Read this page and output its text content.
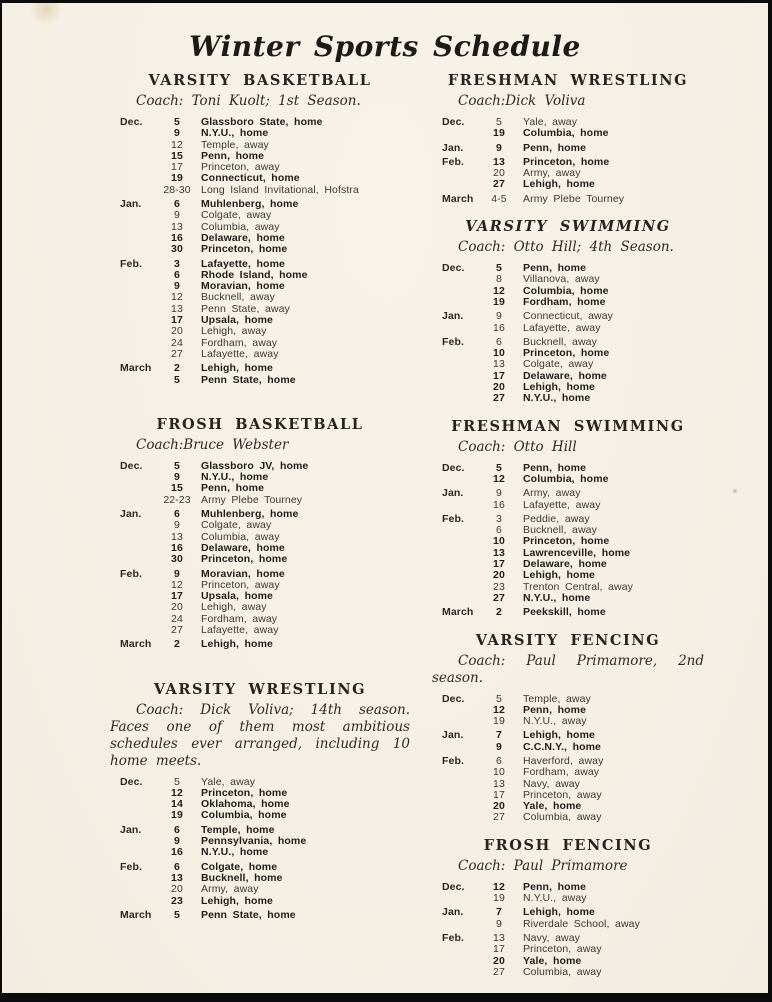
Winter Sports Schedule
VARSITY BASKETBALL
Coach: Toni Kuolt; 1st Season.
Dec.	5	Glassboro State, home
9	N.Y.U., home
12	Temple, away
15	Penn, home
17	Princeton, away
19	Connecticut, home
28-30 Long Island Invitational, Hofstra
Jan.	6	Muhlenberg, home
9	Colgate, away
13	Columbia, away
16	Delaware, home
30	Princeton, home
Feb.	3	Lafayette, home
6	Rhode Island, home
9	Moravian, home
12	Bucknell, away
13	Penn State, away
17	Upsala, home
20	Lehigh, away
24	Fordham, away
27	Lafayette, away
March	2	Lehigh, home
5	Penn State, home
FROSH BASKETBALL
Coach:Bruce Webster
Dec.	5	Glassboro JV, home
9	N.Y.U., home
15	Penn, home
22-23 Army Plebe Tourney
Jan.	6	Muhlenberg, home
9	Colgate, away
13	Columbia, away
16	Delaware, home
30	Princeton, home
Feb.	9	Moravian, home
12	Princeton, away
17	Upsala, home
20	Lehigh, away
24	Fordham, away
27	Lafayette, away
March	2	Lehigh, home
VARSITY WRESTLING
Coach: Dick Voliva; 14th season. Faces one of them most ambitious schedules ever arranged, including 10 home meets.
Dec.	5	Yale, away
12	Princeton, home
14	Oklahoma, home
19	Columbia, home
Jan.	6	Temple, home
9	Pennsylvania, home
16	N.Y.U., home
Feb.	6	Colgate, home
13	Bucknell, home
20	Army, away
23	Lehigh, home
March	5	Penn State, home
FRESHMAN WRESTLING
Coach:Dick Voliva
Dec.	5	Yale, away
19	Columbia, home
Jan.	9	Penn, home
Feb.	13	Princeton, home
20	Army, away
27	Lehigh, home
March	4-5	Army Plebe Tourney
VARSITY SWIMMING
Coach: Otto Hill; 4th Season.
Dec.	5	Penn, home
8	Villanova, away
12	Columbia, home
19	Fordham, home
Jan.	9	Connecticut, away
16	Lafayette, away
Feb.	6	Bucknell, away
10	Princeton, home
13	Colgate, away
17	Delaware, home
20	Lehigh, home
27	N.Y.U., home
FRESHMAN SWIMMING
Coach: Otto Hill
Dec.	5	Penn, home
12	Columbia, home
Jan.	9	Army, away
16	Lafayette, away
Feb.	3	Peddie, away
6	Bucknell, away
10	Princeton, home
13	Lawrenceville, home
17	Delaware, home
20	Lehigh, home
23	Trenton Central, away
27	N.Y.U., home
March	2	Peekskill, home
VARSITY FENCING
Coach: Paul Primamore, 2nd season.
Dec.	5	Temple, away
12	Penn, home
19	N.Y.U., away
Jan.	7	Lehigh, home
9	C.C.N.Y., home
Feb.	6	Haverford, away
10	Fordham, away
13	Navy, away
17	Princeton, away
20	Yale, home
27	Columbia, away
FROSH FENCING
Coach: Paul Primamore
Dec.	12	Penn, home
19	N.Y.U., away
Jan.	7	Lehigh, home
9	Riverdale School, away
Feb.	13	Navy, away
17	Princeton, away
20	Yale, home
27	Columbia, away
